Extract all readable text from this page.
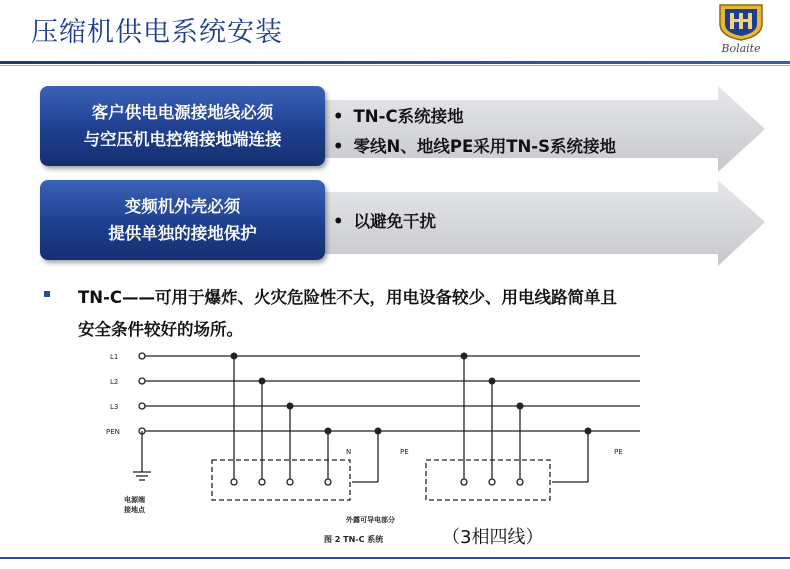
压缩机供电系统安装
Bolaite
客户供电电源接地线必须
与空压机电控箱接地端连接
• TN-C系统接地
• 零线N、地线PE采用TN-S系统接地
变频机外壳必须
提供单独的接地保护
• 以避免干扰
TN-C——可用于爆炸、火灾危险性不大，用电设备较少、用电线路简单且
安全条件较好的场所。
L1
L2
L3
PEN
N	PE	PE
电源端
接地点
外露可导电部分
图 2 TN-C 系统	（3相四线）
